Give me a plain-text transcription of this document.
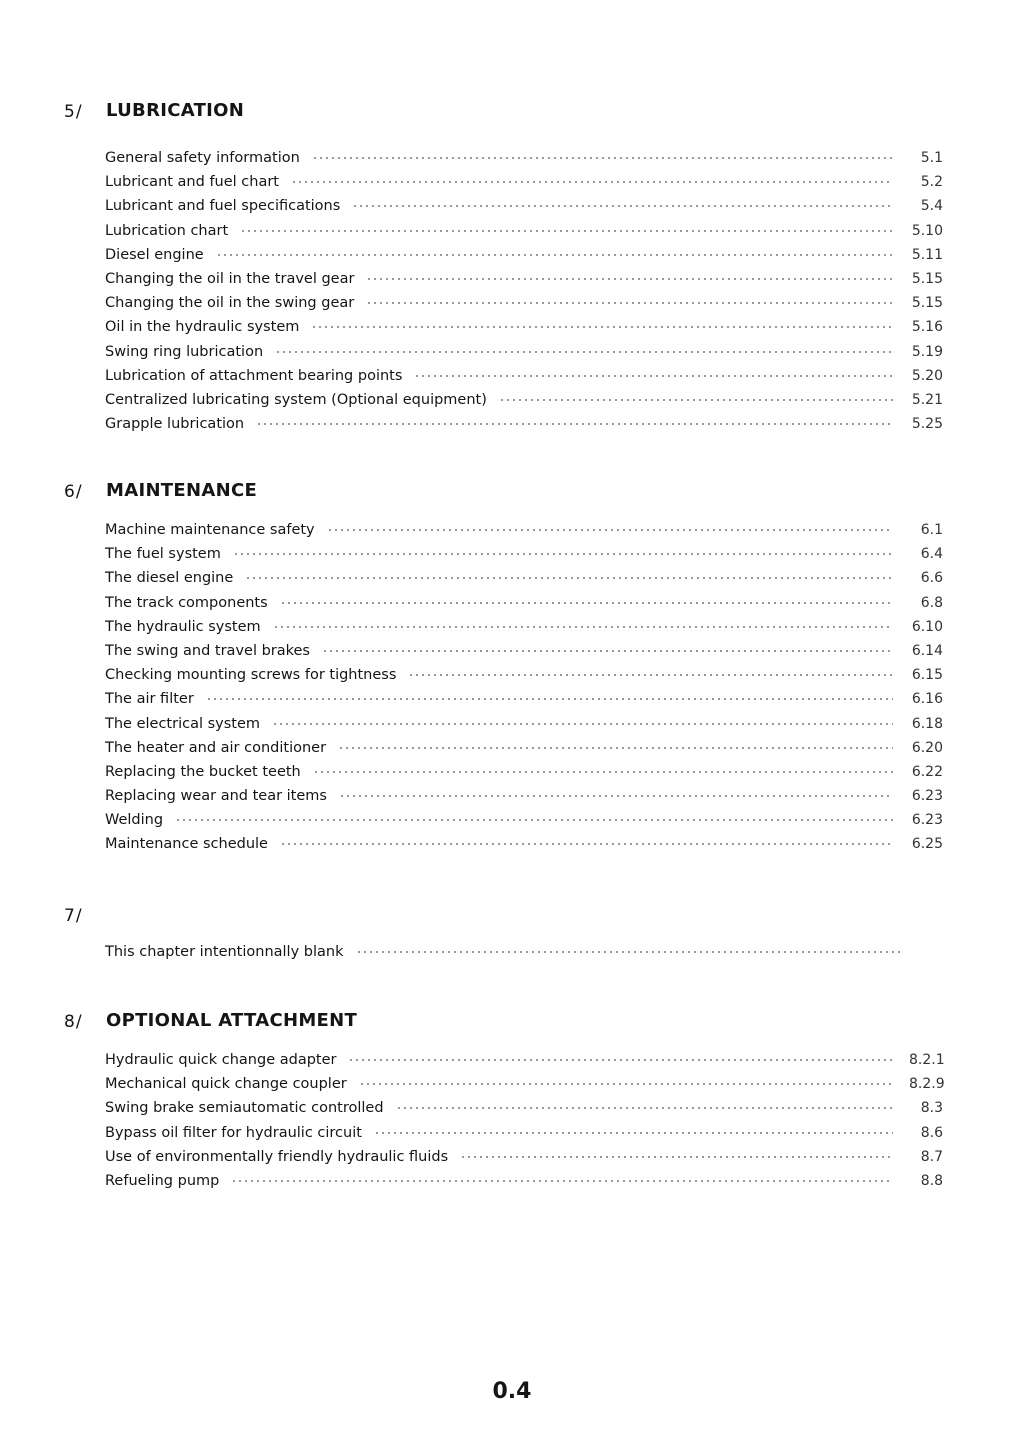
5/ LUBRICATION
General safety information	5.1
Lubricant and fuel chart	5.2
Lubricant and fuel specifications	5.4
Lubrication chart	5.10
Diesel engine	5.11
Changing the oil in the travel gear	5.15
Changing the oil in the swing gear	5.15
Oil in the hydraulic system	5.16
Swing ring lubrication	5.19
Lubrication of attachment bearing points	5.20
Centralized lubricating system (Optional equipment)	5.21
Grapple lubrication	5.25
6/ MAINTENANCE
Machine maintenance safety	6.1
The fuel system	6.4
The diesel engine	6.6
The track components	6.8
The hydraulic system	6.10
The swing and travel brakes	6.14
Checking mounting screws for tightness	6.15
The air filter	6.16
The electrical system	6.18
The heater and air conditioner	6.20
Replacing the bucket teeth	6.22
Replacing wear and tear items	6.23
Welding	6.23
Maintenance schedule	6.25
7/
This chapter intentionnally blank
8/ OPTIONAL ATTACHMENT
Hydraulic quick change adapter	8.2.1
Mechanical quick change coupler	8.2.9
Swing brake semiautomatic controlled	8.3
Bypass oil filter for hydraulic circuit	8.6
Use of environmentally friendly hydraulic fluids	8.7
Refueling pump	8.8
0.4
